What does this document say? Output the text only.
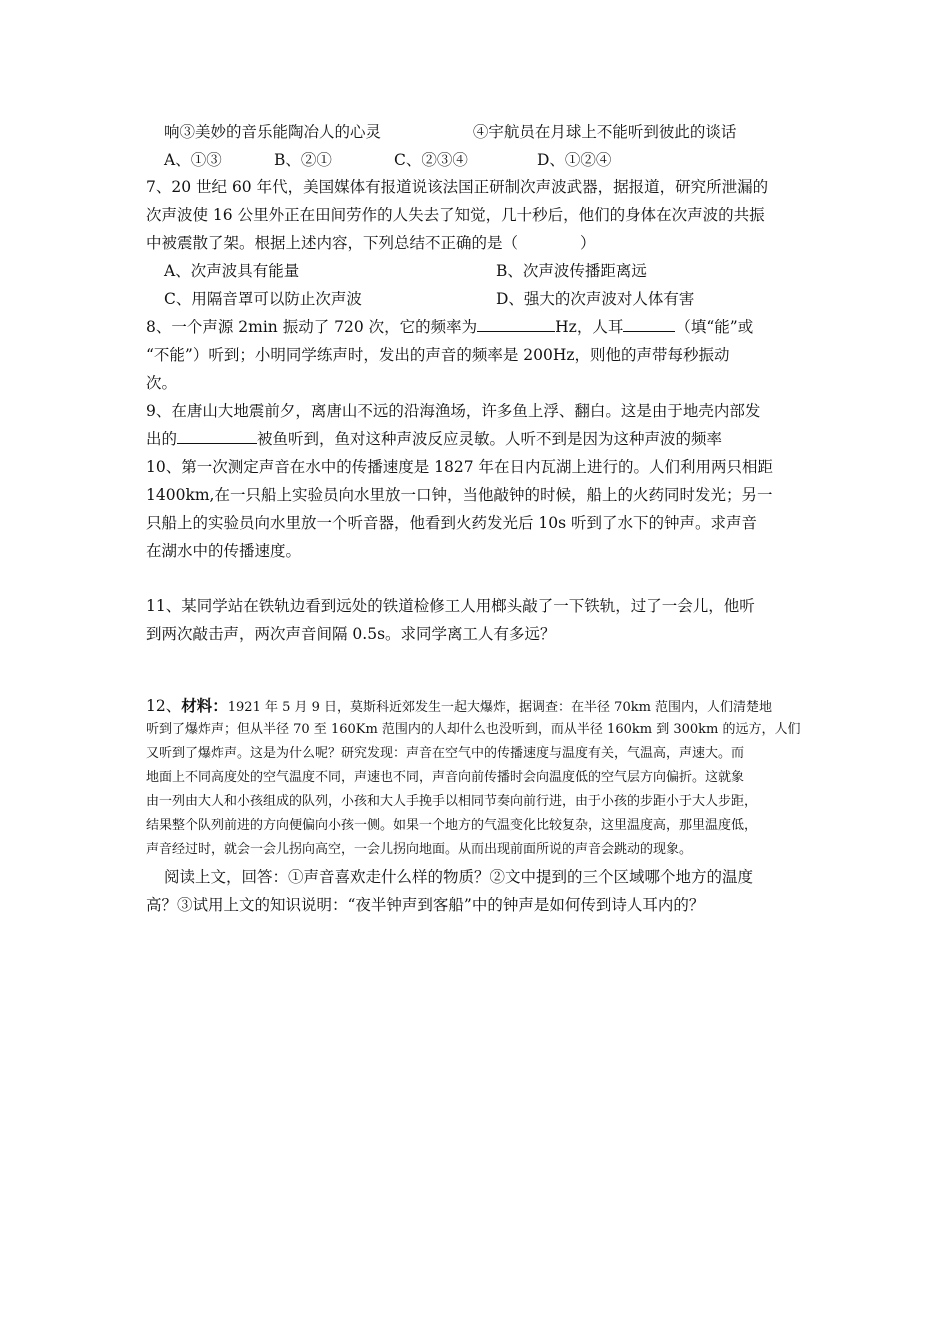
响③美妙的音乐能陶冶人的心灵	④宇航员在月球上不能听到彼此的谈话
A、①③	B、②①	C、②③④	D、①②④
7、20 世纪 60 年代，美国媒体有报道说该法国正研制次声波武器，据报道，研究所泄漏的
次声波使 16 公里外正在田间劳作的人失去了知觉，几十秒后，他们的身体在次声波的共振
中被震散了架。根据上述内容，下列总结不正确的是（　　　　）
A、次声波具有能量	B、次声波传播距离远
C、用隔音罩可以防止次声波	D、强大的次声波对人体有害
8、一个声源 2min 振动了 720 次，它的频率为	Hz，人耳	（填“能”或
“不能”）听到；小明同学练声时，发出的声音的频率是 200Hz，则他的声带每秒振动
次。
9、在唐山大地震前夕，离唐山不远的沿海渔场，许多鱼上浮、翻白。这是由于地壳内部发
出的	被鱼听到，鱼对这种声波反应灵敏。人听不到是因为这种声波的频率
10、第一次测定声音在水中的传播速度是 1827 年在日内瓦湖上进行的。人们利用两只相距
1400km,在一只船上实验员向水里放一口钟，当他敲钟的时候，船上的火药同时发光；另一
只船上的实验员向水里放一个听音器，他看到火药发光后 10s 听到了水下的钟声。求声音
在湖水中的传播速度。
11、某同学站在铁轨边看到远处的铁道检修工人用榔头敲了一下铁轨，过了一会儿，他听
到两次敲击声，两次声音间隔 0.5s。求同学离工人有多远？
12、材料：1921 年 5 月 9 日，莫斯科近郊发生一起大爆炸，据调查：在半径 70km 范围内，人们清楚地
听到了爆炸声；但从半径 70 至 160Km 范围内的人却什么也没听到，而从半径 160km 到 300km 的远方，人们
又听到了爆炸声。这是为什么呢？研究发现：声音在空气中的传播速度与温度有关，气温高，声速大。而
地面上不同高度处的空气温度不同，声速也不同，声音向前传播时会向温度低的空气层方向偏折。这就象
由一列由大人和小孩组成的队列，小孩和大人手挽手以相同节奏向前行进，由于小孩的步距小于大人步距，
结果整个队列前进的方向便偏向小孩一侧。如果一个地方的气温变化比较复杂，这里温度高，那里温度低，
声音经过时，就会一会儿拐向高空，一会儿拐向地面。从而出现前面所说的声音会跳动的现象。
阅读上文，回答：①声音喜欢走什么样的物质？②文中提到的三个区域哪个地方的温度
高？③试用上文的知识说明：“夜半钟声到客船”中的钟声是如何传到诗人耳内的？
